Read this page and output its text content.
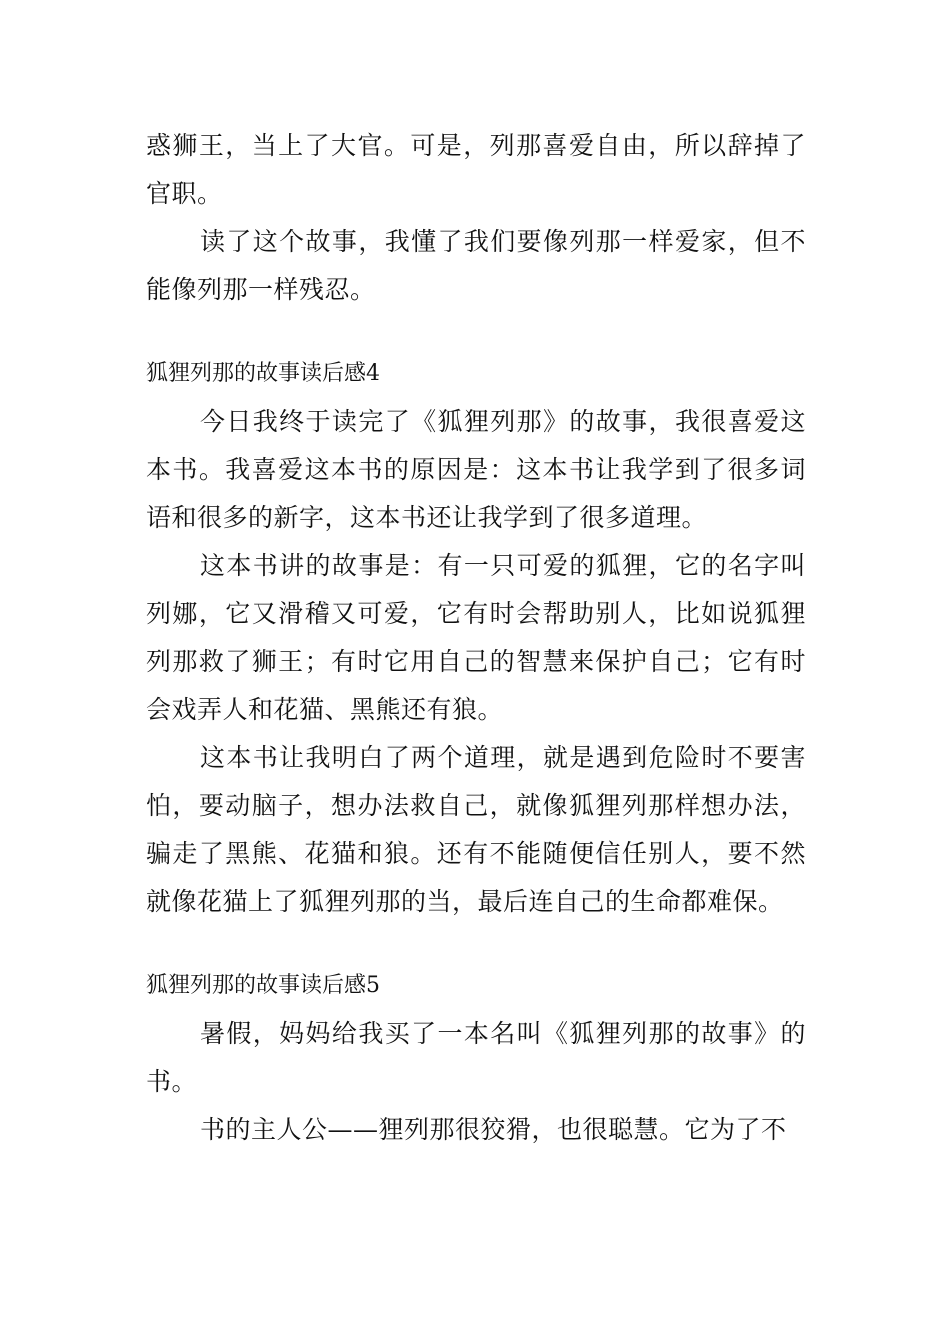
惑狮王，当上了大官。可是，列那喜爱自由，所以辞掉了官职。

读了这个故事，我懂了我们要像列那一样爱家，但不能像列那一样残忍。

狐狸列那的故事读后感4

今日我终于读完了《狐狸列那》的故事，我很喜爱这本书。我喜爱这本书的原因是：这本书让我学到了很多词语和很多的新字，这本书还让我学到了很多道理。

这本书讲的故事是：有一只可爱的狐狸，它的名字叫列娜，它又滑稽又可爱，它有时会帮助别人，比如说狐狸列那救了狮王；有时它用自己的智慧来保护自己；它有时会戏弄人和花猫、黑熊还有狼。

这本书让我明白了两个道理，就是遇到危险时不要害怕，要动脑子，想办法救自己，就像狐狸列那样想办法，骗走了黑熊、花猫和狼。还有不能随便信任别人，要不然就像花猫上了狐狸列那的当，最后连自己的生命都难保。

狐狸列那的故事读后感5

暑假，妈妈给我买了一本名叫《狐狸列那的故事》的书。

书的主人公——狸列那很狡猾，也很聪慧。它为了不
